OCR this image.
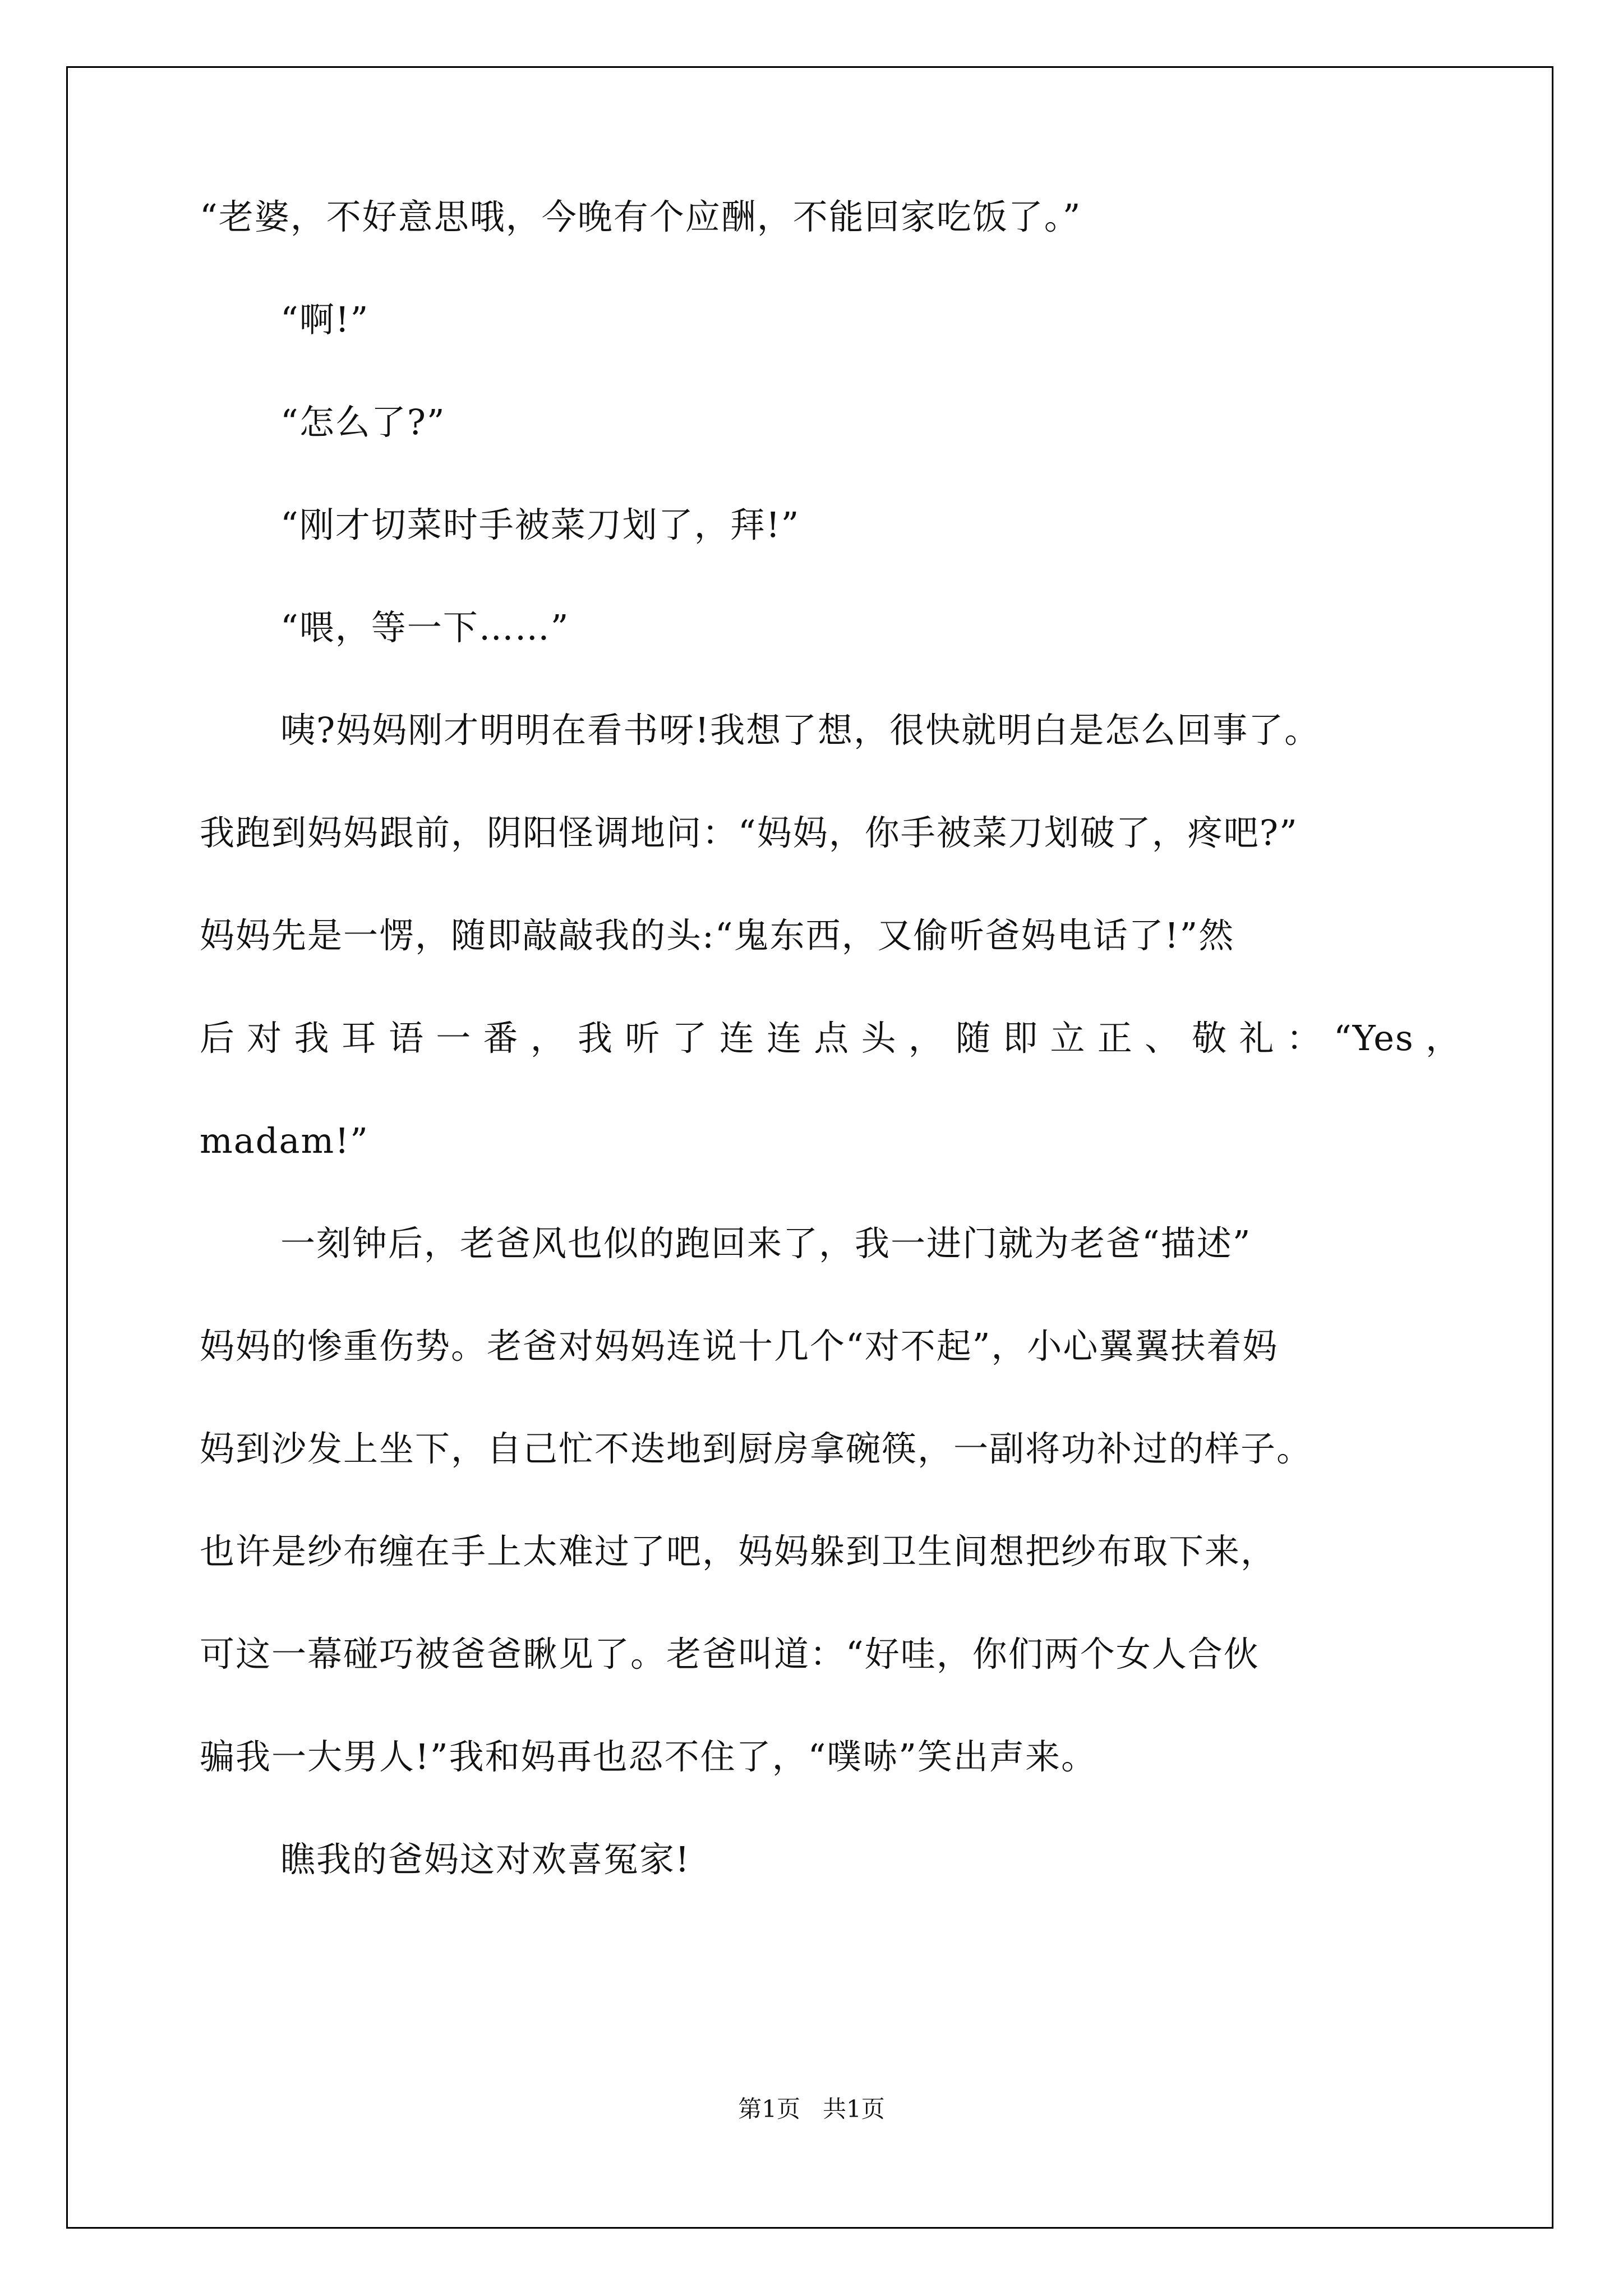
“老婆，不好意思哦，今晚有个应酬，不能回家吃饭了。”
“啊!”
“怎么了?”
“刚才切菜时手被菜刀划了，拜!”
“喂，等一下……”
咦?妈妈刚才明明在看书呀!我想了想，很快就明白是怎么回事了。
我跑到妈妈跟前，阴阳怪调地问：“妈妈，你手被菜刀划破了，疼吧?”
妈妈先是一愣，随即敲敲我的头:“鬼东西，又偷听爸妈电话了!”然
后对我耳语一番，我听了连连点头，随即立正、敬礼：“Yes，
madam!”
一刻钟后，老爸风也似的跑回来了，我一进门就为老爸“描述”
妈妈的惨重伤势。老爸对妈妈连说十几个“对不起”，小心翼翼扶着妈
妈到沙发上坐下，自己忙不迭地到厨房拿碗筷，一副将功补过的样子。
也许是纱布缠在手上太难过了吧，妈妈躲到卫生间想把纱布取下来，
可这一幕碰巧被爸爸瞅见了。老爸叫道：“好哇，你们两个女人合伙
骗我一大男人!”我和妈再也忍不住了，“噗哧”笑出声来。
瞧我的爸妈这对欢喜冤家!
第1页   共1页
